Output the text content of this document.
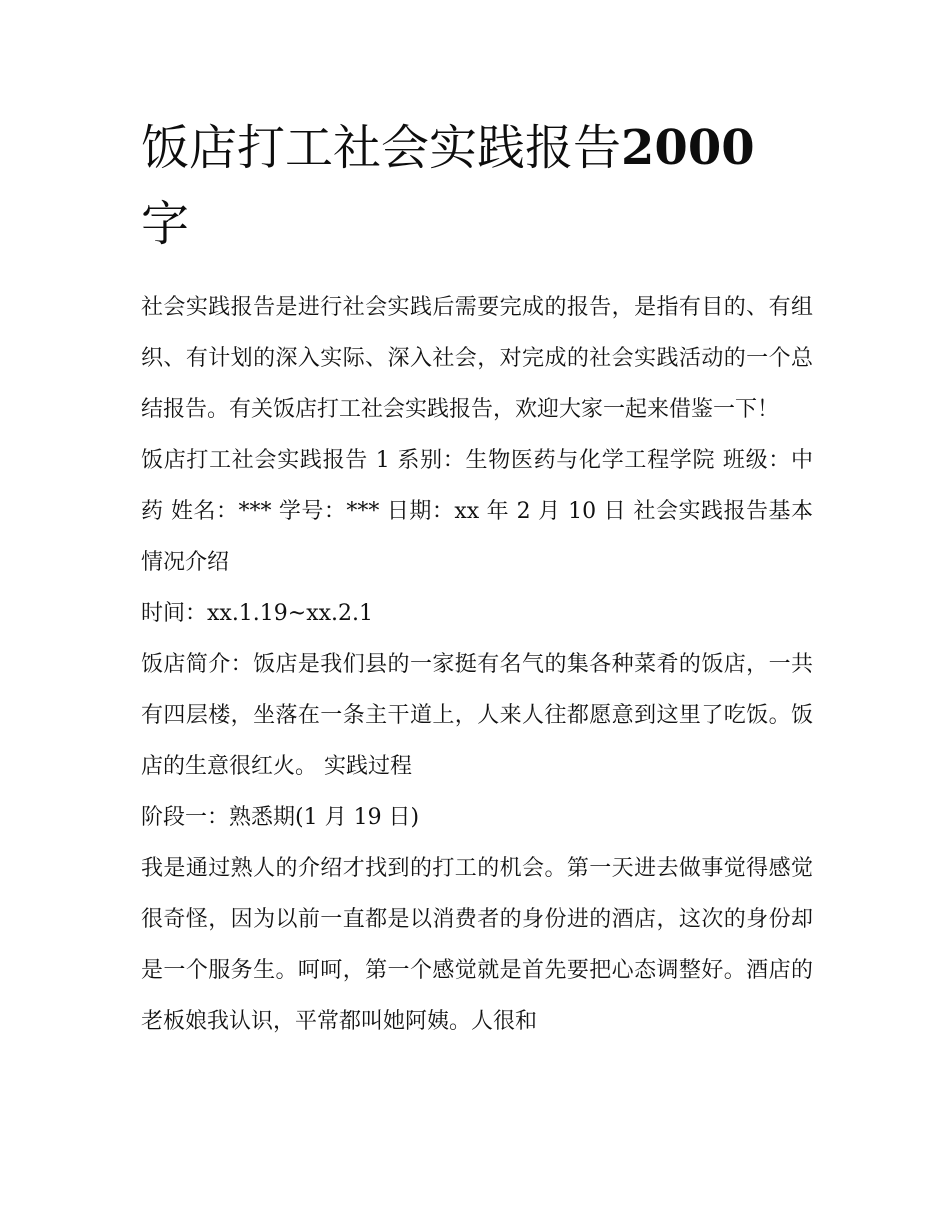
饭店打工社会实践报告2000
字

社会实践报告是进行社会实践后需要完成的报告，是指有目的、有组织、有计划的深入实际、深入社会，对完成的社会实践活动的一个总结报告。有关饭店打工社会实践报告，欢迎大家一起来借鉴一下！

饭店打工社会实践报告 1 系别：生物医药与化学工程学院 班级：中药 姓名：*** 学号：*** 日期：xx 年 2 月 10 日 社会实践报告基本情况介绍

时间：xx.1.19~xx.2.1

饭店简介：饭店是我们县的一家挺有名气的集各种菜肴的饭店，一共有四层楼，坐落在一条主干道上，人来人往都愿意到这里了吃饭。饭店的生意很红火。 实践过程

阶段一：熟悉期(1 月 19 日)

我是通过熟人的介绍才找到的打工的机会。第一天进去做事觉得感觉很奇怪，因为以前一直都是以消费者的身份进的酒店，这次的身份却是一个服务生。呵呵，第一个感觉就是首先要把心态调整好。酒店的老板娘我认识，平常都叫她阿姨。人很和
